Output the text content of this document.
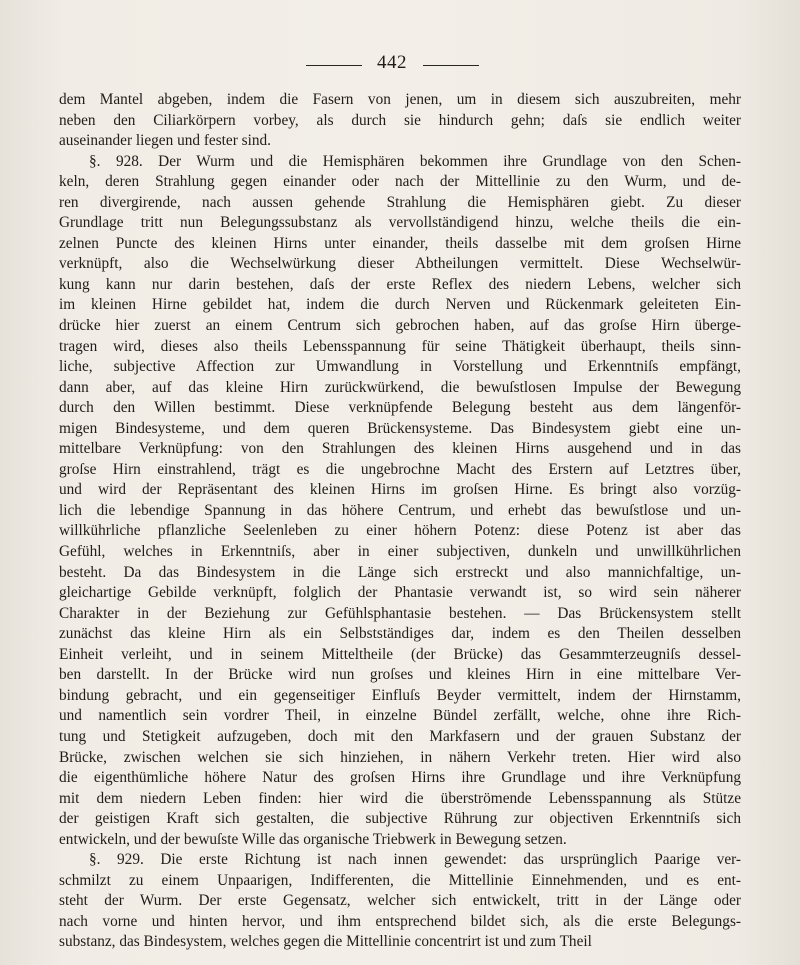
442
dem Mantel abgeben, indem die Fasern von jenen, um in diesem sich auszubreiten, mehr
neben den Ciliarkörpern vorbey, als durch sie hindurch gehn; daſs sie endlich weiter
auseinander liegen und fester sind.
§. 928. Der Wurm und die Hemisphären bekommen ihre Grundlage von den Schen-
keln, deren Strahlung gegen einander oder nach der Mittellinie zu den Wurm, und de-
ren divergirende, nach aussen gehende Strahlung die Hemisphären giebt. Zu dieser
Grundlage tritt nun Belegungssubstanz als vervollständigend hinzu, welche theils die ein-
zelnen Puncte des kleinen Hirns unter einander, theils dasselbe mit dem groſsen Hirne
verknüpft, also die Wechselwürkung dieser Abtheilungen vermittelt. Diese Wechselwür-
kung kann nur darin bestehen, daſs der erste Reflex des niedern Lebens, welcher sich
im kleinen Hirne gebildet hat, indem die durch Nerven und Rückenmark geleiteten Ein-
drücke hier zuerst an einem Centrum sich gebrochen haben, auf das groſse Hirn überge-
tragen wird, dieses also theils Lebensspannung für seine Thätigkeit überhaupt, theils sinn-
liche, subjective Affection zur Umwandlung in Vorstellung und Erkenntniſs empfängt,
dann aber, auf das kleine Hirn zurückwürkend, die bewuſstlosen Impulse der Bewegung
durch den Willen bestimmt. Diese verknüpfende Belegung besteht aus dem längenför-
migen Bindesysteme, und dem queren Brückensysteme. Das Bindesystem giebt eine un-
mittelbare Verknüpfung: von den Strahlungen des kleinen Hirns ausgehend und in das
groſse Hirn einstrahlend, trägt es die ungebrochne Macht des Erstern auf Letztres über,
und wird der Repräsentant des kleinen Hirns im groſsen Hirne. Es bringt also vorzüg-
lich die lebendige Spannung in das höhere Centrum, und erhebt das bewuſstlose und un-
willkührliche pflanzliche Seelenleben zu einer höhern Potenz: diese Potenz ist aber das
Gefühl, welches in Erkenntniſs, aber in einer subjectiven, dunkeln und unwillkührlichen
besteht. Da das Bindesystem in die Länge sich erstreckt und also mannichfaltige, un-
gleichartige Gebilde verknüpft, folglich der Phantasie verwandt ist, so wird sein näherer
Charakter in der Beziehung zur Gefühlsphantasie bestehen. — Das Brückensystem stellt
zunächst das kleine Hirn als ein Selbstständiges dar, indem es den Theilen desselben
Einheit verleiht, und in seinem Mitteltheile (der Brücke) das Gesammterzeugniſs dessel-
ben darstellt. In der Brücke wird nun groſses und kleines Hirn in eine mittelbare Ver-
bindung gebracht, und ein gegenseitiger Einfluſs Beyder vermittelt, indem der Hirnstamm,
und namentlich sein vordrer Theil, in einzelne Bündel zerfällt, welche, ohne ihre Rich-
tung und Stetigkeit aufzugeben, doch mit den Markfasern und der grauen Substanz der
Brücke, zwischen welchen sie sich hinziehen, in nähern Verkehr treten. Hier wird also
die eigenthümliche höhere Natur des groſsen Hirns ihre Grundlage und ihre Verknüpfung
mit dem niedern Leben finden: hier wird die überströmende Lebensspannung als Stütze
der geistigen Kraft sich gestalten, die subjective Rührung zur objectiven Erkenntniſs sich
entwickeln, und der bewuſste Wille das organische Triebwerk in Bewegung setzen.
§. 929. Die erste Richtung ist nach innen gewendet: das ursprünglich Paarige ver-
schmilzt zu einem Unpaarigen, Indifferenten, die Mittellinie Einnehmenden, und es ent-
steht der Wurm. Der erste Gegensatz, welcher sich entwickelt, tritt in der Länge oder
nach vorne und hinten hervor, und ihm entsprechend bildet sich, als die erste Belegungs-
substanz, das Bindesystem, welches gegen die Mittellinie concentrirt ist und zum Theil
